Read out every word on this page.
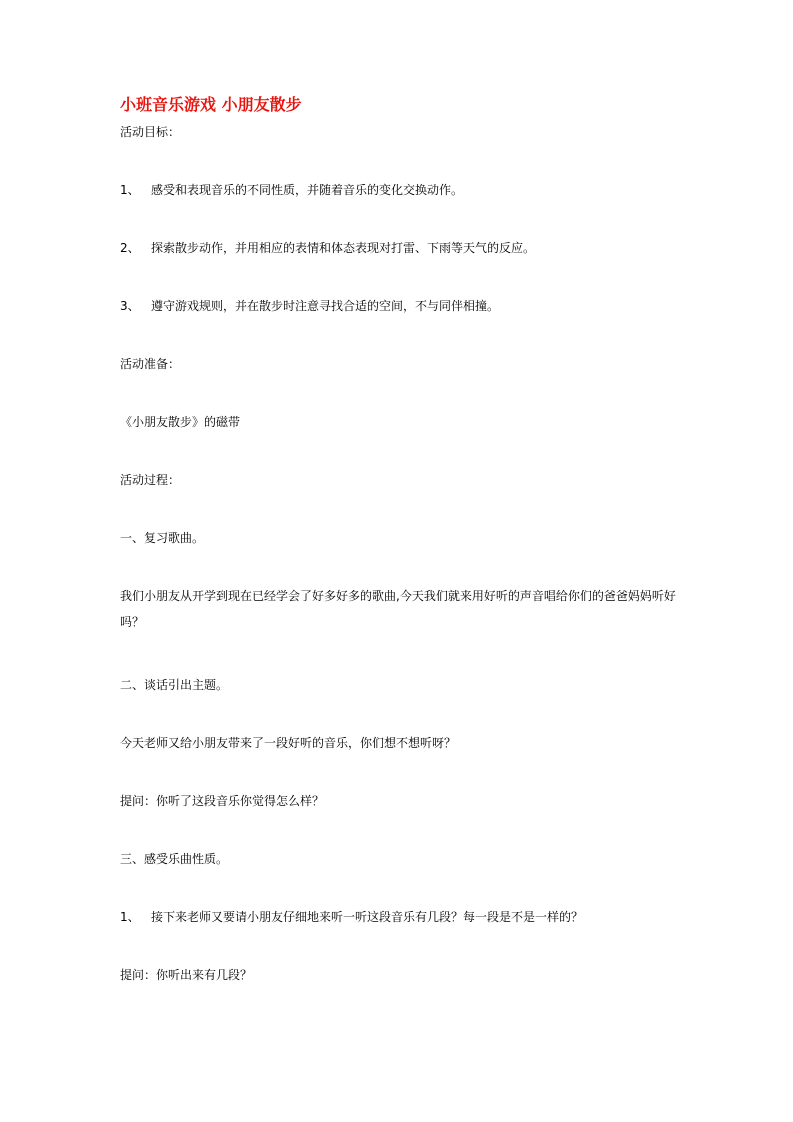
小班音乐游戏 小朋友散步
活动目标：
1、 感受和表现音乐的不同性质，并随着音乐的变化交换动作。
2、 探索散步动作，并用相应的表情和体态表现对打雷、下雨等天气的反应。
3、 遵守游戏规则，并在散步时注意寻找合适的空间，不与同伴相撞。
活动准备：
《小朋友散步》的磁带
活动过程：
一、复习歌曲。
我们小朋友从开学到现在已经学会了好多好多的歌曲,今天我们就来用好听的声音唱给你们的爸爸妈妈听好吗？
二、谈话引出主题。
今天老师又给小朋友带来了一段好听的音乐，你们想不想听呀？
提问：你听了这段音乐你觉得怎么样？
三、感受乐曲性质。
1、 接下来老师又要请小朋友仔细地来听一听这段音乐有几段？每一段是不是一样的？
提问：你听出来有几段？
